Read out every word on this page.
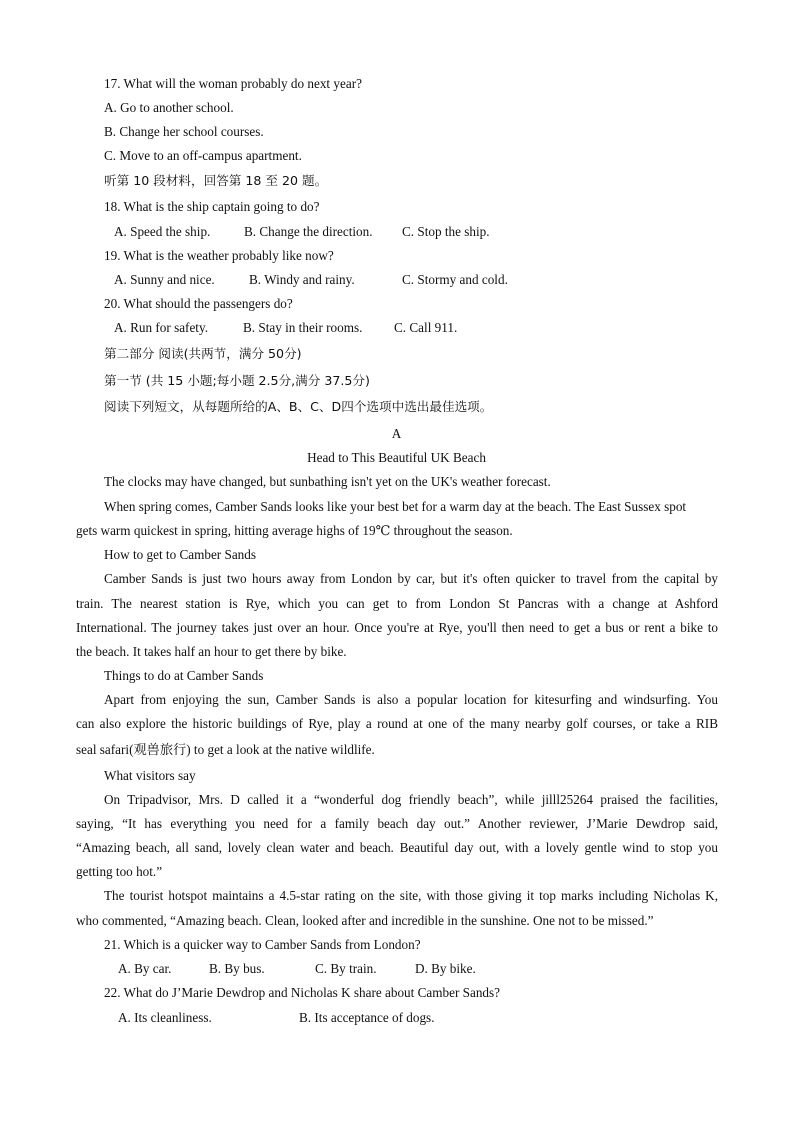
17. What will the woman probably do next year?
A. Go to another school.
B. Change her school courses.
C. Move to an off-campus apartment.
听第 10 段材料，回答第 18 至 20 题。
18. What is the ship captain going to do?
A. Speed the ship.	B. Change the direction. C. Stop the ship.
19. What is the weather probably like now?
A. Sunny and nice.	B. Windy and rainy.	C. Stormy and cold.
20. What should the passengers do?
A. Run for safety.	B. Stay in their rooms. C. Call 911.
第二部分 阅读(共两节，满分 50分)
第一节 (共 15 小题;每小题 2.5分,满分 37.5分)
阅读下列短文，从每题所给的A、B、C、D四个选项中选出最佳选项。
A
Head to This Beautiful UK Beach
The clocks may have changed, but sunbathing isn't yet on the UK's weather forecast.
When spring comes, Camber Sands looks like your best bet for a warm day at the beach. The East Sussex spot
gets warm quickest in spring, hitting average highs of 19℃ throughout the season.
How to get to Camber Sands
Camber Sands is just two hours away from London by car, but it's often quicker to travel from the capital by
train. The nearest station is Rye, which you can get to from London St Pancras with a change at Ashford
International. The journey takes just over an hour. Once you're at Rye, you'll then need to get a bus or rent a bike to
the beach. It takes half an hour to get there by bike.
Things to do at Camber Sands
Apart from enjoying the sun, Camber Sands is also a popular location for kitesurfing and windsurfing. You
can also explore the historic buildings of Rye, play a round at one of the many nearby golf courses, or take a RIB
seal safari(观兽旅行) to get a look at the native wildlife.
What visitors say
On Tripadvisor, Mrs. D called it a “wonderful dog friendly beach”, while jilll25264 praised the facilities,
saying, “It has everything you need for a family beach day out.” Another reviewer, J’Marie Dewdrop said,
“Amazing beach, all sand, lovely clean water and beach. Beautiful day out, with a lovely gentle wind to stop you
getting too hot.”
The tourist hotspot maintains a 4.5-star rating on the site, with those giving it top marks including Nicholas K,
who commented, “Amazing beach. Clean, looked after and incredible in the sunshine. One not to be missed.”
21. Which is a quicker way to Camber Sands from London?
A. By car.	B. By bus.	C. By train.	D. By bike.
22. What do J’Marie Dewdrop and Nicholas K share about Camber Sands?
A. Its cleanliness.	B. Its acceptance of dogs.
